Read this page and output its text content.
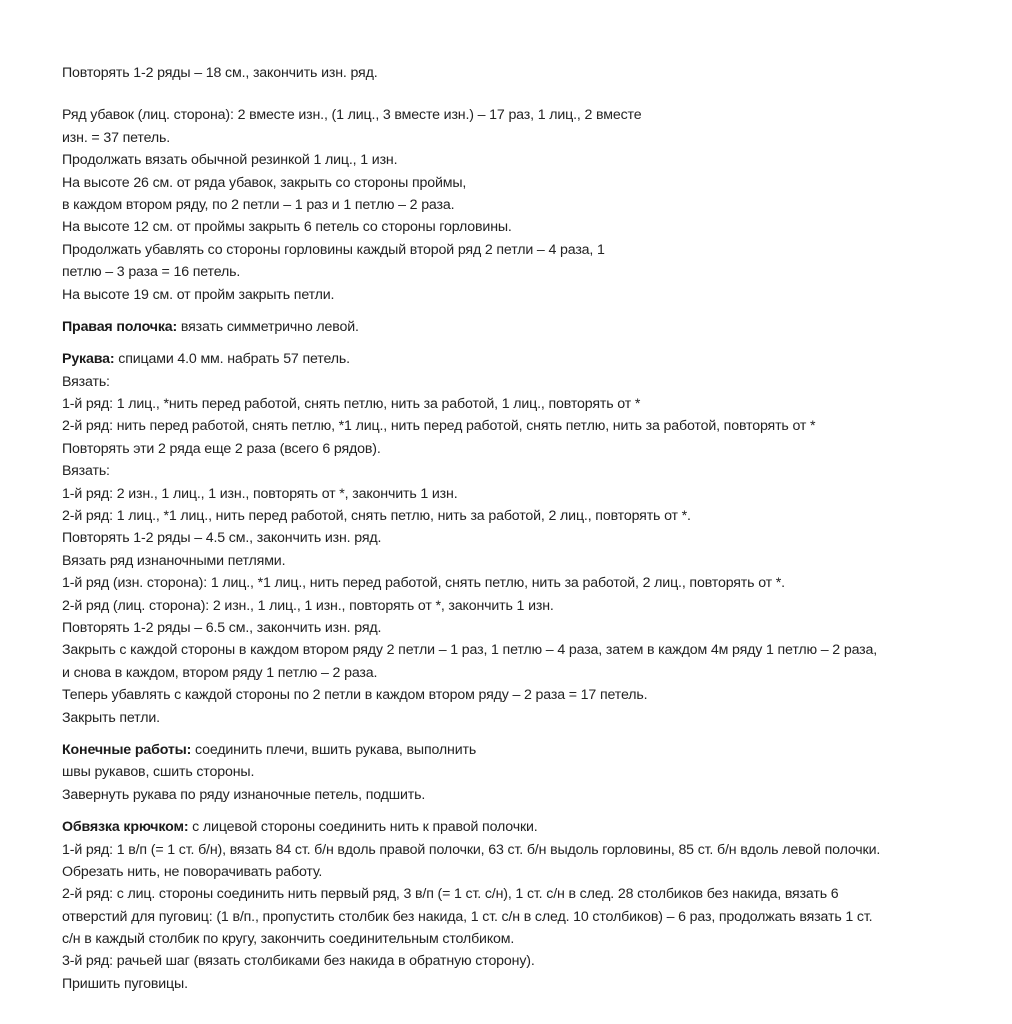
Повторять 1-2 ряды – 18 см., закончить изн. ряд.
Ряд убавок (лиц. сторона): 2 вместе изн., (1 лиц., 3 вместе изн.) – 17 раз, 1 лиц., 2 вместе
изн. = 37 петель.
Продолжать вязать обычной резинкой 1 лиц., 1 изн.
На высоте 26 см. от ряда убавок, закрыть со стороны проймы,
в каждом втором ряду, по 2 петли – 1 раз и 1 петлю – 2 раза.
На высоте 12 см. от проймы закрыть 6 петель со стороны горловины.
Продолжать убавлять со стороны горловины каждый второй ряд 2 петли – 4 раза, 1
петлю – 3 раза = 16 петель.
На высоте 19 см. от пройм закрыть петли.
Правая полочка: вязать симметрично левой.
Рукава: спицами 4.0 мм. набрать 57 петель.
Вязать:
1-й ряд: 1 лиц., *нить перед работой, снять петлю, нить за работой, 1 лиц., повторять от *
2-й ряд: нить перед работой, снять петлю, *1 лиц., нить перед работой, снять петлю, нить за работой, повторять от *
Повторять эти 2 ряда еще 2 раза (всего 6 рядов).
Вязать:
1-й ряд: 2 изн., 1 лиц., 1 изн., повторять от *, закончить 1 изн.
2-й ряд: 1 лиц., *1 лиц., нить перед работой, снять петлю, нить за работой, 2 лиц., повторять от *.
Повторять 1-2 ряды – 4.5 см., закончить изн. ряд.
Вязать ряд изнаночными петлями.
1-й ряд (изн. сторона): 1 лиц., *1 лиц., нить перед работой, снять петлю, нить за работой, 2 лиц., повторять от *.
2-й ряд (лиц. сторона): 2 изн., 1 лиц., 1 изн., повторять от *, закончить 1 изн.
Повторять 1-2 ряды – 6.5 см., закончить изн. ряд.
Закрыть с каждой стороны в каждом втором ряду 2 петли – 1 раз, 1 петлю – 4 раза, затем в каждом 4м ряду 1 петлю – 2 раза,
и снова в каждом, втором ряду 1 петлю – 2 раза.
Теперь убавлять с каждой стороны по 2 петли в каждом втором ряду – 2 раза = 17 петель.
Закрыть петли.
Конечные работы: соединить плечи, вшить рукава, выполнить
швы рукавов, сшить стороны.
Завернуть рукава по ряду изнаночные петель, подшить.
Обвязка крючком: с лицевой стороны соединить нить к правой полочки.
1-й ряд: 1 в/п (= 1 ст. б/н), вязать 84 ст. б/н вдоль правой полочки, 63 ст. б/н выдоль горловины, 85 ст. б/н вдоль левой полочки.
Обрезать нить, не поворачивать работу.
2-й ряд: с лиц. стороны соединить нить первый ряд, 3 в/п (= 1 ст. с/н), 1 ст. с/н в след. 28 столбиков без накида, вязать 6
отверстий для пуговиц: (1 в/п., пропустить столбик без накида, 1 ст. с/н в след. 10 столбиков) – 6 раз, продолжать вязать 1 ст.
с/н в каждый столбик по кругу, закончить соединительным столбиком.
3-й ряд: рачьей шаг (вязать столбиками без накида в обратную сторону).
Пришить пуговицы.
